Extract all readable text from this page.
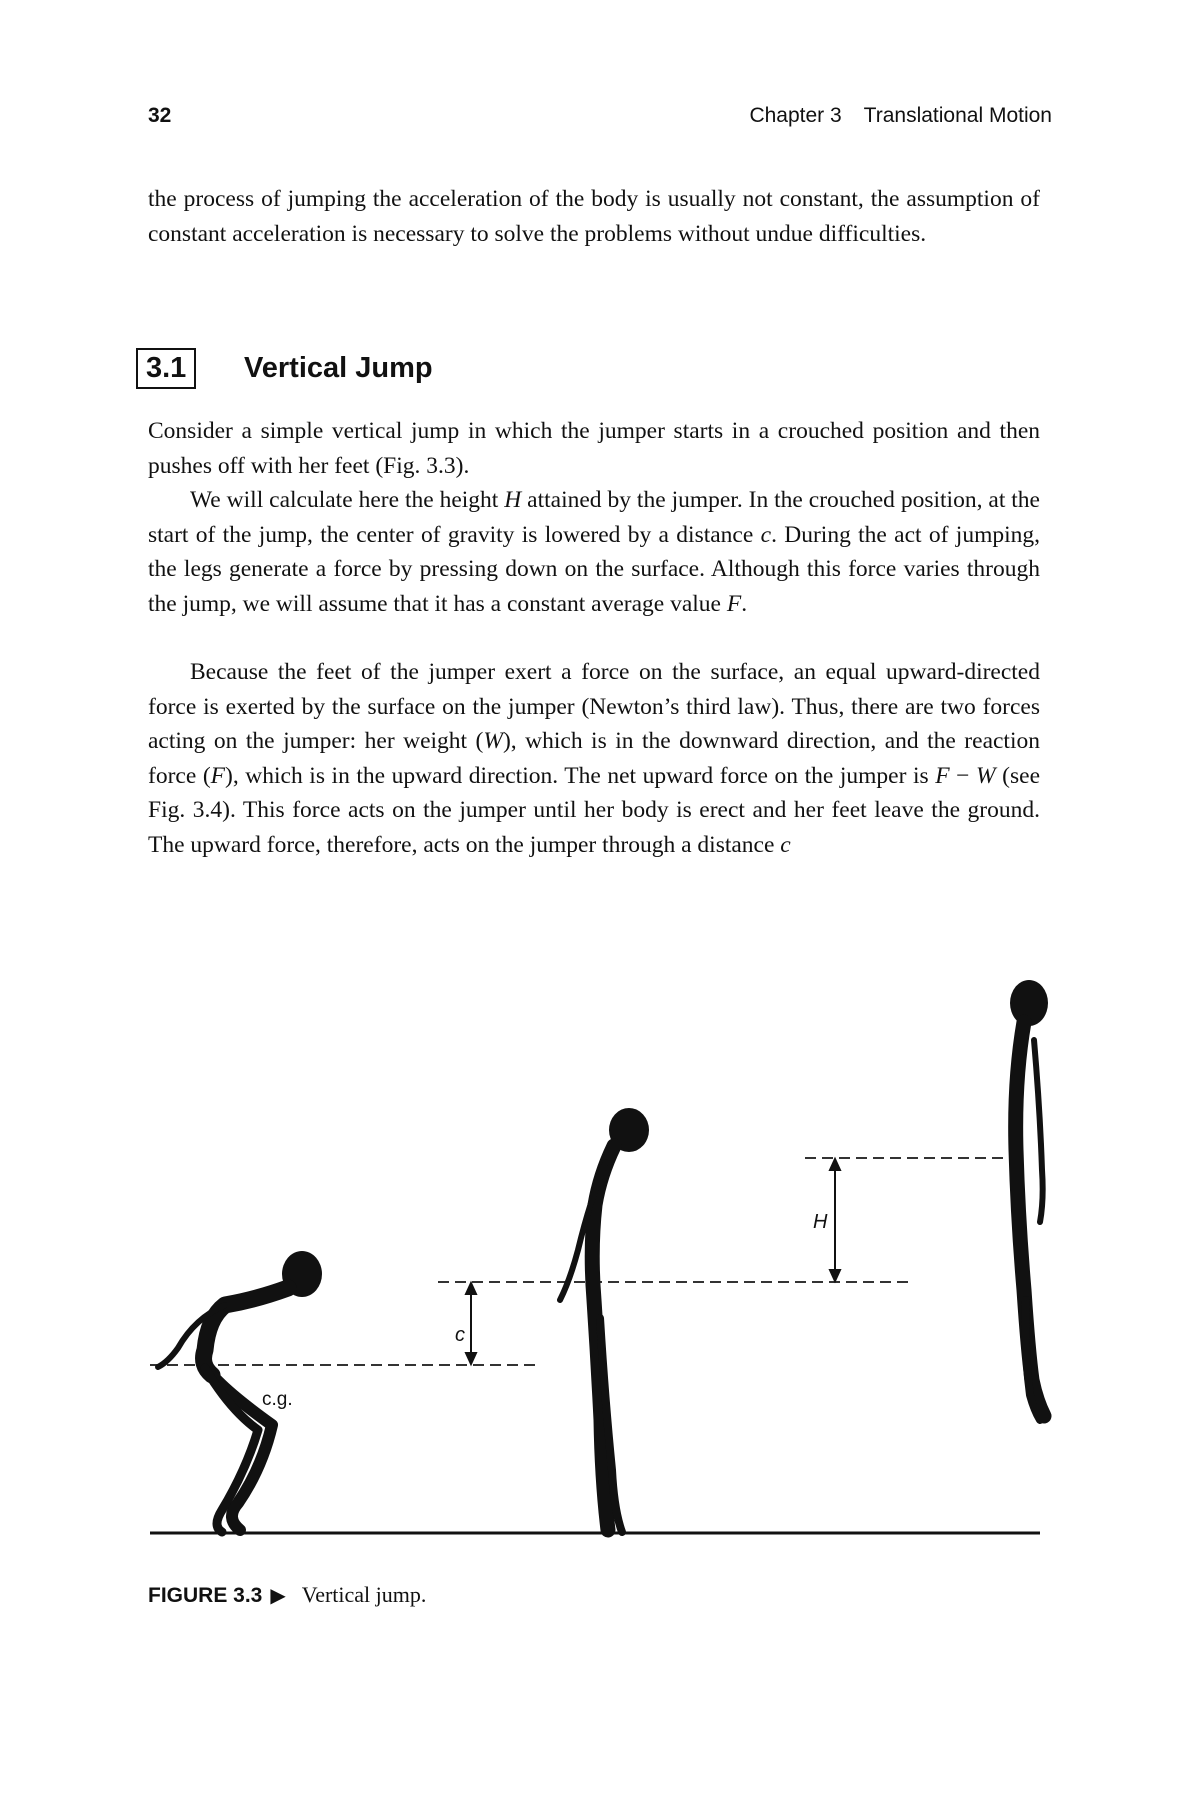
32	Chapter 3 Translational Motion

the process of jumping the acceleration of the body is usually not constant, the assumption of constant acceleration is necessary to solve the problems without undue difficulties.

3.1	Vertical Jump

Consider a simple vertical jump in which the jumper starts in a crouched position and then pushes off with her feet (Fig. 3.3).

We will calculate here the height H attained by the jumper. In the crouched position, at the start of the jump, the center of gravity is lowered by a distance c. During the act of jumping, the legs generate a force by pressing down on the surface. Although this force varies through the jump, we will assume that it has a constant average value F.

Because the feet of the jumper exert a force on the surface, an equal upward-directed force is exerted by the surface on the jumper (Newton’s third law). Thus, there are two forces acting on the jumper: her weight (W), which is in the downward direction, and the reaction force (F), which is in the upward direction. The net upward force on the jumper is F − W (see Fig. 3.4). This force acts on the jumper until her body is erect and her feet leave the ground. The upward force, therefore, acts on the jumper through a distance c

c.g.
c
H
FIGURE 3.3 ▶ Vertical jump.
